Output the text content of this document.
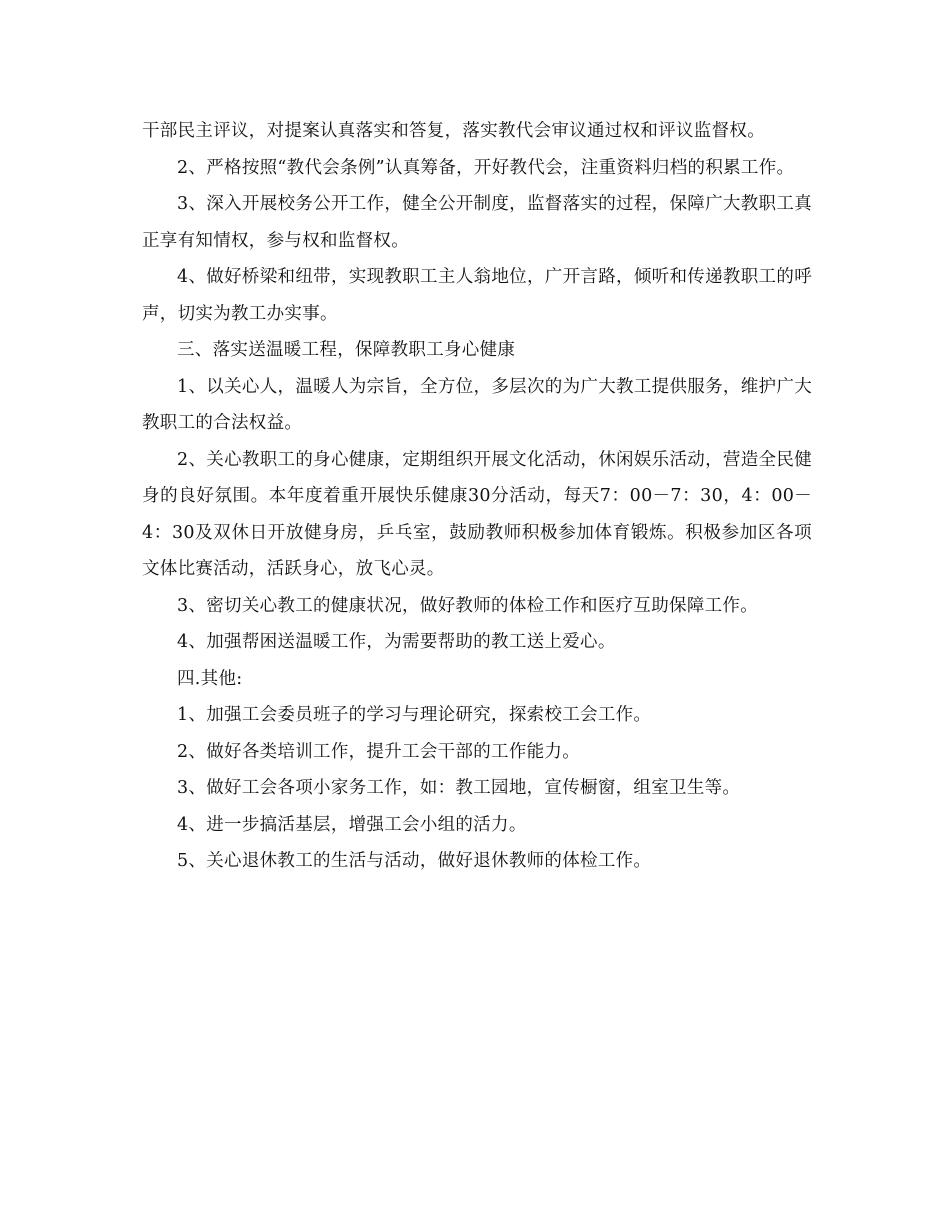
干部民主评议，对提案认真落实和答复，落实教代会审议通过权和评议监督权。

2、严格按照“教代会条例”认真筹备，开好教代会，注重资料归档的积累工作。

3、深入开展校务公开工作，健全公开制度，监督落实的过程，保障广大教职工真正享有知情权，参与权和监督权。

4、做好桥梁和纽带，实现教职工主人翁地位，广开言路，倾听和传递教职工的呼声，切实为教工办实事。

三、落实送温暖工程，保障教职工身心健康

1、以关心人，温暖人为宗旨，全方位，多层次的为广大教工提供服务，维护广大教职工的合法权益。

2、关心教职工的身心健康，定期组织开展文化活动，休闲娱乐活动，营造全民健身的良好氛围。本年度着重开展快乐健康30分活动，每天7：00－7：30，4：00－4：30及双休日开放健身房，乒乓室，鼓励教师积极参加体育锻炼。积极参加区各项文体比赛活动，活跃身心，放飞心灵。

3、密切关心教工的健康状况，做好教师的体检工作和医疗互助保障工作。

4、加强帮困送温暖工作，为需要帮助的教工送上爱心。

四.其他:

1、加强工会委员班子的学习与理论研究，探索校工会工作。

2、做好各类培训工作，提升工会干部的工作能力。

3、做好工会各项小家务工作，如：教工园地，宣传橱窗，组室卫生等。

4、进一步搞活基层，增强工会小组的活力。

5、关心退休教工的生活与活动，做好退休教师的体检工作。
